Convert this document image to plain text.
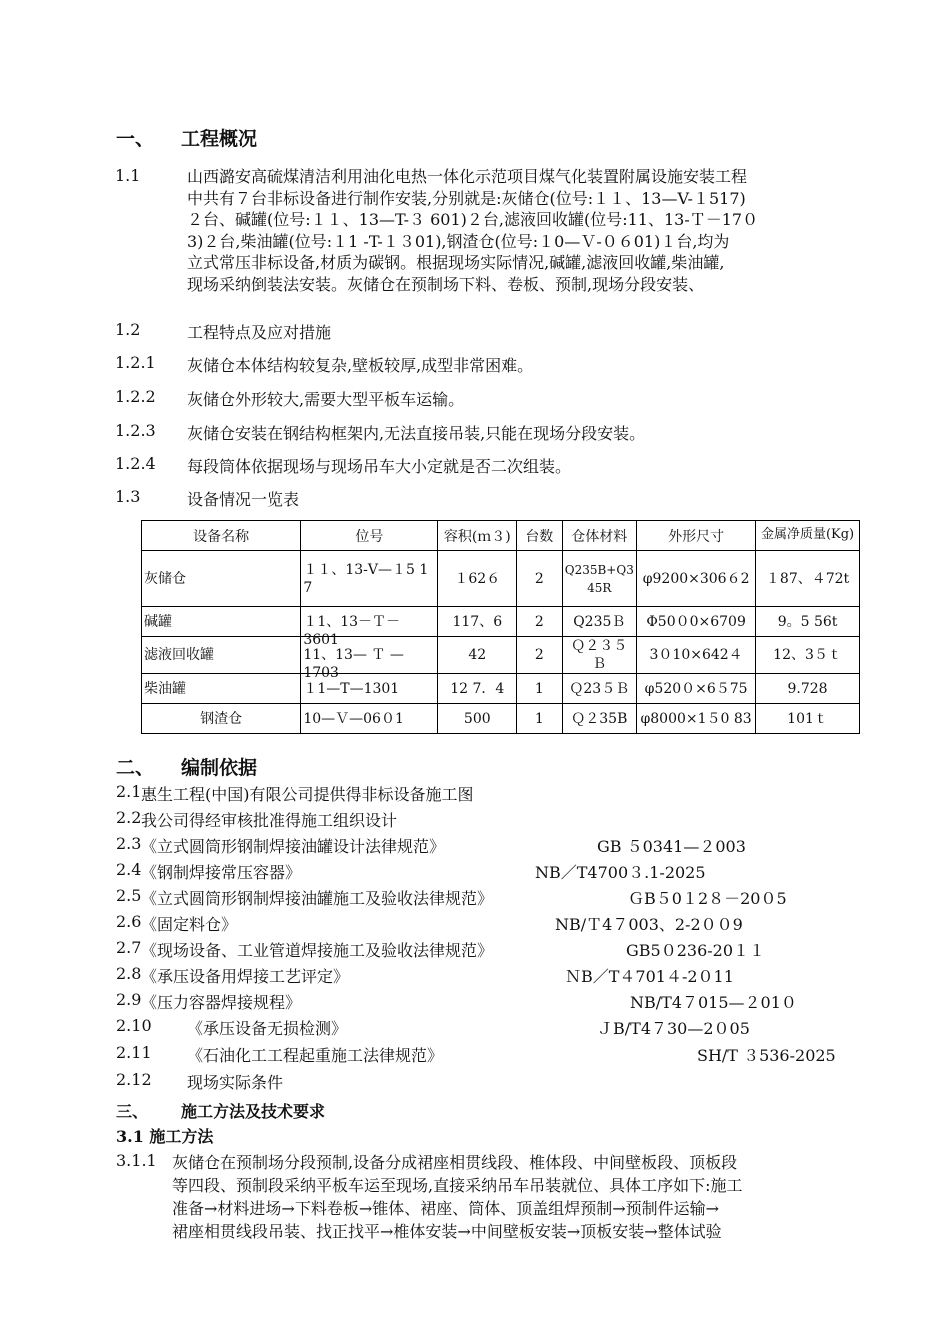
一、 工程概况
1.1	山西潞安高硫煤清洁利用油化电热一体化示范项目煤气化装置附属设施安装工程
中共有７台非标设备进行制作安装,分别就是:灰储仓(位号:１１、13—V-１517)
２台、碱罐(位号:１１、13—T-３ 601)２台,滤液回收罐(位号:11、13-Ｔ－17０
3)２台,柴油罐(位号:１1 -T-１３01),钢渣仓(位号:１0—Ｖ-０６01)１台,均为
立式常压非标设备,材质为碳钢。根据现场实际情况,碱罐,滤液回收罐,柴油罐,
现场采纳倒装法安装。灰储仓在预制场下料、卷板、预制,现场分段安装、
1.2	工程特点及应对措施
1.2.1 灰储仓本体结构较复杂,壁板较厚,成型非常困难。
1.2.2 灰储仓外形较大,需要大型平板车运输。
1.2.3 灰储仓安装在钢结构框架内,无法直接吊装,只能在现场分段安装。
1.2.4 每段筒体依据现场与现场吊车大小定就是否二次组装。
1.3	设备情况一览表
设备名称	位号	容积(ｍ３)	台数	仓体材料	外形尺寸	金属净质量(Kg)

灰储仓	１１、13-V—１5 17	１62６	2	Q235B+Q345R	φ9200×306６2	１87、４72t
碱罐	１1、13－Ｔ－3601	117、6	2	Q235Ｂ	Φ50０0×6709	9。5 56t
滤液回收罐	11、13— Ｔ —1703	42	2	Ｑ２３５Ｂ	3０10×642４	12、3５ｔ
柴油罐	１1—T—1301	12 7．4	1	Ｑ23５Ｂ	φ520０×6５75	9.728
钢渣仓	10—Ｖ—06０1	500	1	Ｑ２35B	φ8000×1５0 83	101ｔ
二、 编制依据
2.1 惠生工程(中国)有限公司提供得非标设备施工图
2.2 我公司得经审核批准得施工组织设计
2.3 《立式圆筒形钢制焊接油罐设计法律规范》	GB ５0341—２003
2.4 《钢制焊接常压容器》	NB／T4700３.1-2025
2.5 《立式圆筒形钢制焊接油罐施工及验收法律规范》	ＧB５0１2８－20０5
2.6 《固定料仓》	NB/Ｔ4７003、2-2００9
2.7 《现场设备、工业管道焊接施工及验收法律规范》	GB5０236-20１１
2.8 《承压设备用焊接工艺评定》	ＮB／T４701４-2０11
2.9 《压力容器焊接规程》	NB/T4７015—２01０
2.10 《承压设备无损检测》	ＪB/T4７30—2０05
2.11 《石油化工工程起重施工法律规范》	SH/T ３536-2025
2.12 现场实际条件
三、 施工方法及技术要求
3.1 施工方法
3.1.1 灰储仓在预制场分段预制,设备分成裙座相贯线段、椎体段、中间壁板段、顶板段
等四段、预制段采纳平板车运至现场,直接采纳吊车吊装就位、具体工序如下:施工
准备→材料进场→下料卷板→锥体、裙座、筒体、顶盖组焊预制→预制件运输→
裙座相贯线段吊装、找正找平→椎体安装→中间壁板安装→顶板安装→整体试验
